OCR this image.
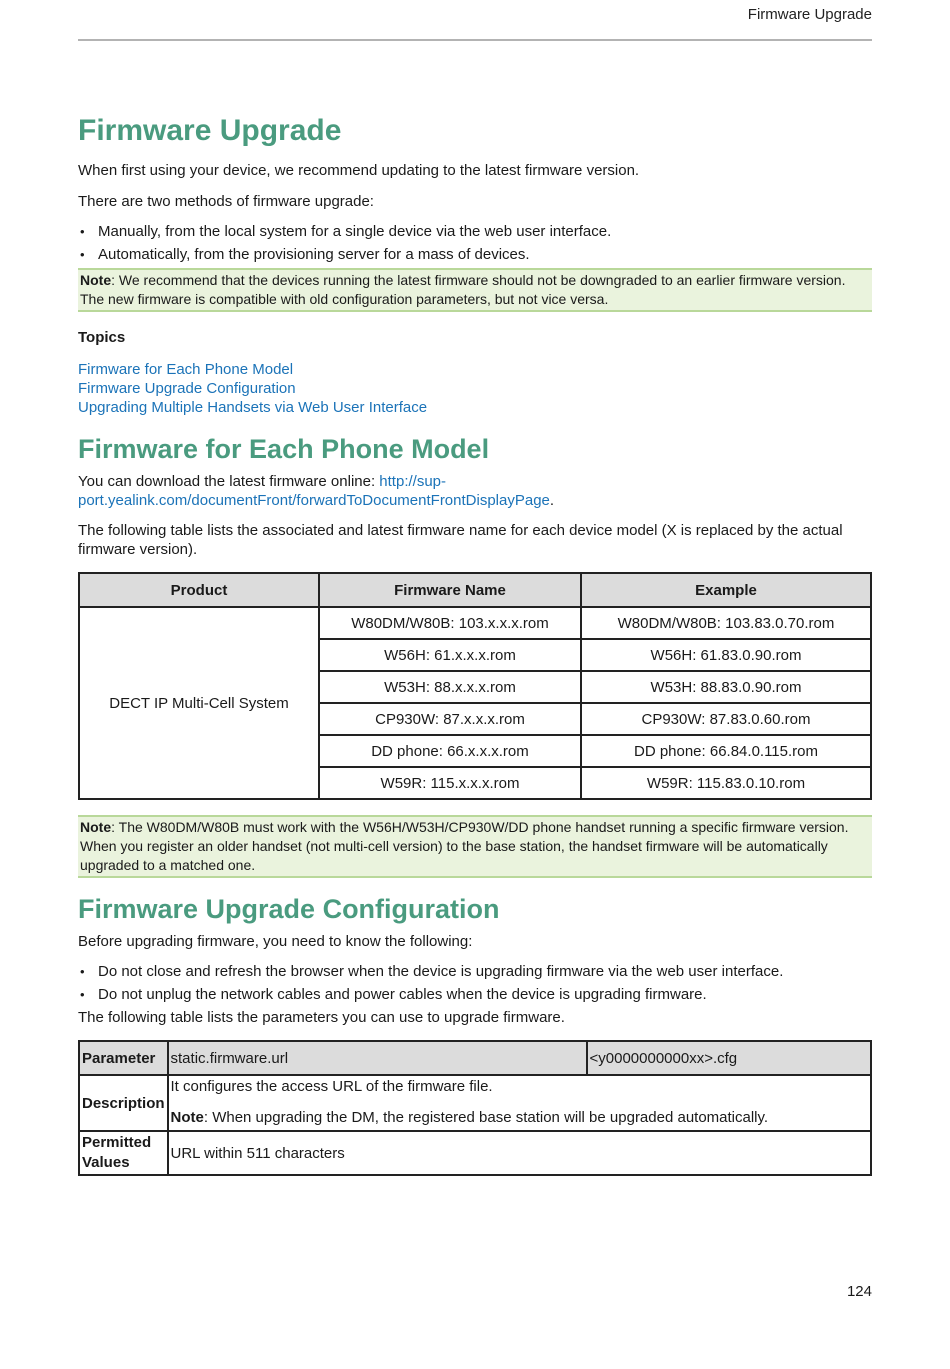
Firmware Upgrade
Firmware Upgrade

When first using your device, we recommend updating to the latest firmware version.

There are two methods of firmware upgrade:

• Manually, from the local system for a single device via the web user interface.
• Automatically, from the provisioning server for a mass of devices.
Note: We recommend that the devices running the latest firmware should not be downgraded to an earlier firmware version. The new firmware is compatible with old configuration parameters, but not vice versa.
Topics
Firmware for Each Phone Model
Firmware Upgrade Configuration
Upgrading Multiple Handsets via Web User Interface
Firmware for Each Phone Model

You can download the latest firmware online: http://sup-
port.yealink.com/documentFront/forwardToDocumentFrontDisplayPage.

The following table lists the associated and latest firmware name for each device model (X is replaced by the actual firmware version).

Product	Firmware Name	Example
DECT IP Multi-Cell System	W80DM/W80B: 103.x.x.x.rom	W80DM/W80B: 103.83.0.70.rom
	W56H: 61.x.x.x.rom	W56H: 61.83.0.90.rom
	W53H: 88.x.x.x.rom	W53H: 88.83.0.90.rom
	CP930W: 87.x.x.x.rom	CP930W: 87.83.0.60.rom
	DD phone: 66.x.x.x.rom	DD phone: 66.84.0.115.rom
	W59R: 115.x.x.x.rom	W59R: 115.83.0.10.rom
Note: The W80DM/W80B must work with the W56H/W53H/CP930W/DD phone handset running a specific firmware version. When you register an older handset (not multi-cell version) to the base station, the handset firmware will be automatically upgraded to a matched one.
Firmware Upgrade Configuration

Before upgrading firmware, you need to know the following:

• Do not close and refresh the browser when the device is upgrading firmware via the web user interface.
• Do not unplug the network cables and power cables when the device is upgrading firmware.

The following table lists the parameters you can use to upgrade firmware.

Parameter	static.firmware.url	<y0000000000xx>.cfg
Description	It configures the access URL of the firmware file.
Note: When upgrading the DM, the registered base station will be upgraded automatically.	

Permitted
Values	URL within 511 characters	
124
